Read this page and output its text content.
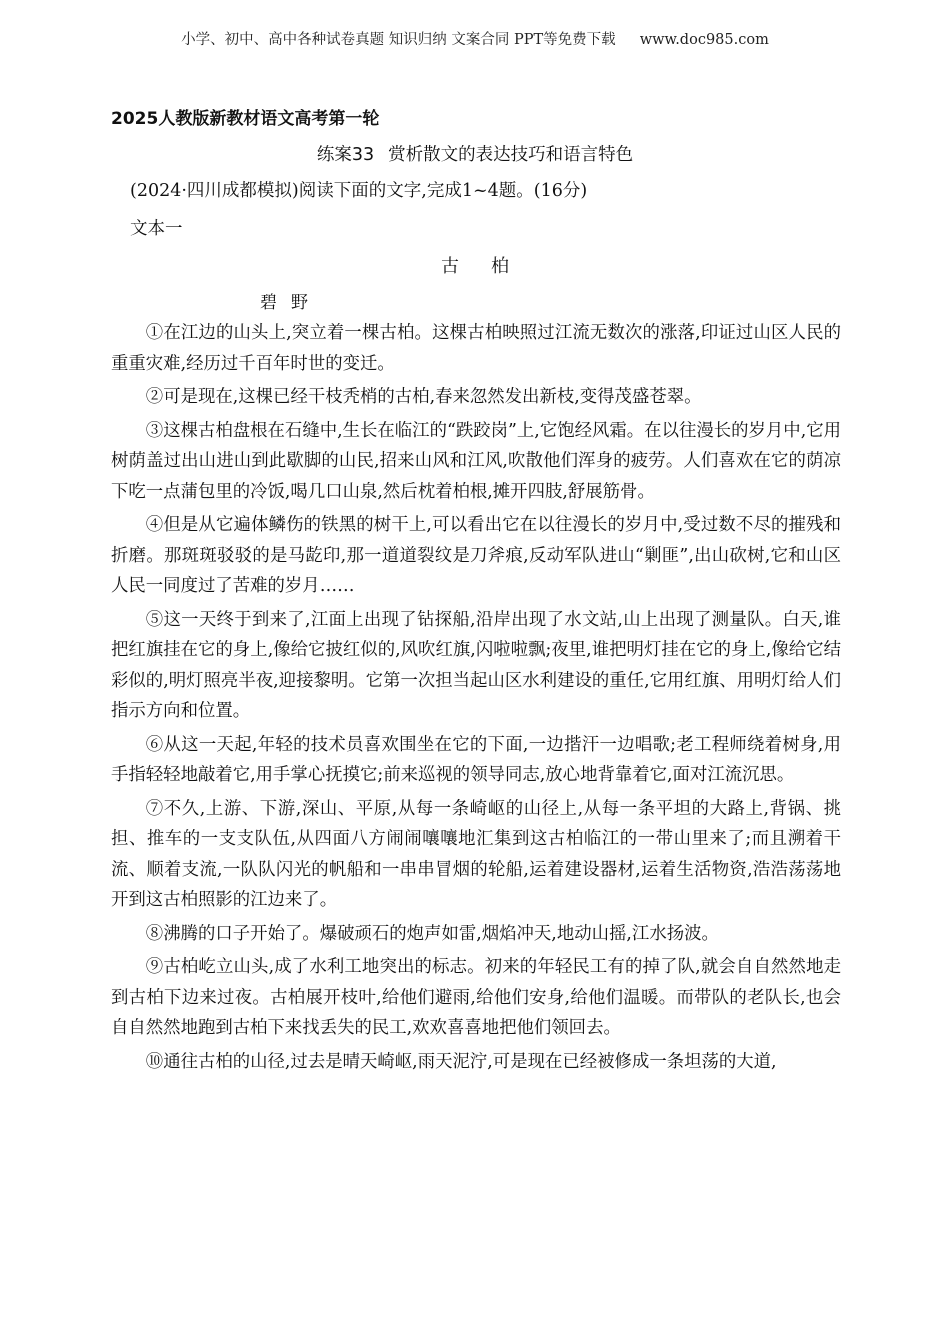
小学、初中、高中各种试卷真题 知识归纳 文案合同 PPT等免费下载 www.doc985.com
2025人教版新教材语文高考第一轮
练案33 赏析散文的表达技巧和语言特色
(2024·四川成都模拟)阅读下面的文字,完成1~4题。(16分)
文本一
古柏
碧野

①在江边的山头上,突立着一棵古柏。这棵古柏映照过江流无数次的涨落,印证过山区人民的重重灾难,经历过千百年时世的变迁。

②可是现在,这棵已经干枝秃梢的古柏,春来忽然发出新枝,变得茂盛苍翠。

③这棵古柏盘根在石缝中,生长在临江的“跌跤岗”上,它饱经风霜。在以往漫长的岁月中,它用树荫盖过出山进山到此歇脚的山民,招来山风和江风,吹散他们浑身的疲劳。人们喜欢在它的荫凉下吃一点蒲包里的冷饭,喝几口山泉,然后枕着柏根,摊开四肢,舒展筋骨。

④但是从它遍体鳞伤的铁黑的树干上,可以看出它在以往漫长的岁月中,受过数不尽的摧残和折磨。那斑斑驳驳的是马龁印,那一道道裂纹是刀斧痕,反动军队进山“剿匪”,出山砍树,它和山区人民一同度过了苦难的岁月……

⑤这一天终于到来了,江面上出现了钻探船,沿岸出现了水文站,山上出现了测量队。白天,谁把红旗挂在它的身上,像给它披红似的,风吹红旗,闪啦啦飘;夜里,谁把明灯挂在它的身上,像给它结彩似的,明灯照亮半夜,迎接黎明。它第一次担当起山区水利建设的重任,它用红旗、用明灯给人们指示方向和位置。

⑥从这一天起,年轻的技术员喜欢围坐在它的下面,一边揩汗一边唱歌;老工程师绕着树身,用手指轻轻地敲着它,用手掌心抚摸它;前来巡视的领导同志,放心地背靠着它,面对江流沉思。

⑦不久,上游、下游,深山、平原,从每一条崎岖的山径上,从每一条平坦的大路上,背锅、挑担、推车的一支支队伍,从四面八方闹闹嚷嚷地汇集到这古柏临江的一带山里来了;而且溯着干流、顺着支流,一队队闪光的帆船和一串串冒烟的轮船,运着建设器材,运着生活物资,浩浩荡荡地开到这古柏照影的江边来了。

⑧沸腾的口子开始了。爆破顽石的炮声如雷,烟焰冲天,地动山摇,江水扬波。

⑨古柏屹立山头,成了水利工地突出的标志。初来的年轻民工有的掉了队,就会自自然然地走到古柏下边来过夜。古柏展开枝叶,给他们避雨,给他们安身,给他们温暖。而带队的老队长,也会自自然然地跑到古柏下来找丢失的民工,欢欢喜喜地把他们领回去。

⑩通往古柏的山径,过去是晴天崎岖,雨天泥泞,可是现在已经被修成一条坦荡的大道,
